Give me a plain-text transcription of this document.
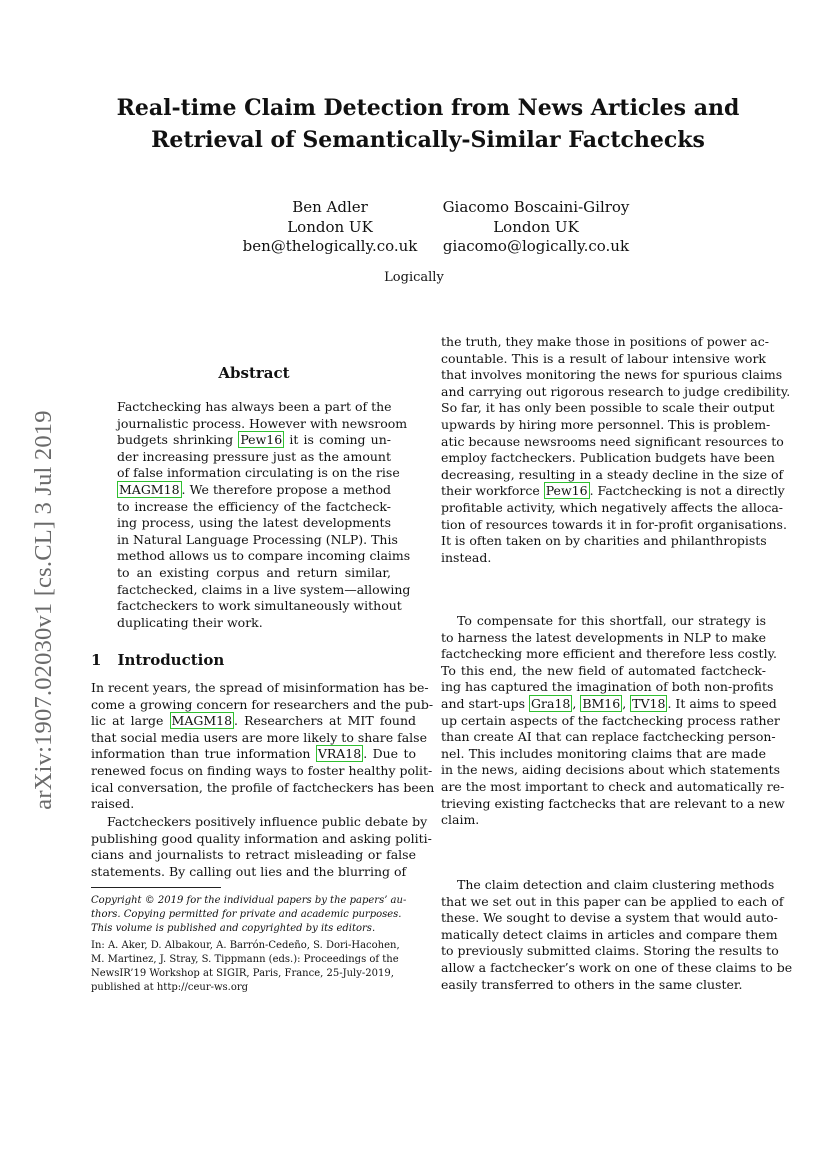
Real-time Claim Detection from News Articles and
Retrieval of Semantically-Similar Factchecks
Ben Adler
London UK
ben@thelogically.co.uk
Giacomo Boscaini-Gilroy
London UK
giacomo@logically.co.uk
Logically
arXiv:1907.02030v1 [cs.CL] 3 Jul 2019
Abstract
Factchecking has always been a part of the
journalistic process. However with newsroom
budgets shrinking Pew16 it is coming un-
der increasing pressure just as the amount
of false information circulating is on the rise
MAGM18 . We therefore propose a method
to increase the efficiency of the factcheck-
ing process, using the latest developments
in Natural Language Processing (NLP). This
method allows us to compare incoming claims
to an existing corpus and return similar,
factchecked, claims in a live system—allowing
factcheckers to work simultaneously without
duplicating their work.
1 Introduction
In recent years, the spread of misinformation has be-
come a growing concern for researchers and the pub-
lic at large MAGM18 . Researchers at MIT found
that social media users are more likely to share false
information than true information VRA18 . Due to
renewed focus on finding ways to foster healthy polit-
ical conversation, the profile of factcheckers has been
raised.
Factcheckers positively influence public debate by
publishing good quality information and asking politi-
cians and journalists to retract misleading or false
statements. By calling out lies and the blurring of
Copyright © 2019 for the individual papers by the papers’ au-
thors. Copying permitted for private and academic purposes.
This volume is published and copyrighted by its editors.
In: A. Aker, D. Albakour, A. Barrón-Cedeño, S. Dori-Hacohen,
M. Martinez, J. Stray, S. Tippmann (eds.): Proceedings of the
NewsIR’19 Workshop at SIGIR, Paris, France, 25-July-2019,
published at http://ceur-ws.org
the truth, they make those in positions of power ac-
countable. This is a result of labour intensive work
that involves monitoring the news for spurious claims
and carrying out rigorous research to judge credibility.
So far, it has only been possible to scale their output
upwards by hiring more personnel. This is problem-
atic because newsrooms need significant resources to
employ factcheckers. Publication budgets have been
decreasing, resulting in a steady decline in the size of
their workforce Pew16 . Factchecking is not a directly
profitable activity, which negatively affects the alloca-
tion of resources towards it in for-profit organisations.
It is often taken on by charities and philanthropists
instead.
To compensate for this shortfall, our strategy is
to harness the latest developments in NLP to make
factchecking more efficient and therefore less costly.
To this end, the new field of automated factcheck-
ing has captured the imagination of both non-profits
and start-ups Gra18 , BM16 , TV18 . It aims to speed
up certain aspects of the factchecking process rather
than create AI that can replace factchecking person-
nel. This includes monitoring claims that are made
in the news, aiding decisions about which statements
are the most important to check and automatically re-
trieving existing factchecks that are relevant to a new
claim.
The claim detection and claim clustering methods
that we set out in this paper can be applied to each of
these. We sought to devise a system that would auto-
matically detect claims in articles and compare them
to previously submitted claims. Storing the results to
allow a factchecker’s work on one of these claims to be
easily transferred to others in the same cluster.
